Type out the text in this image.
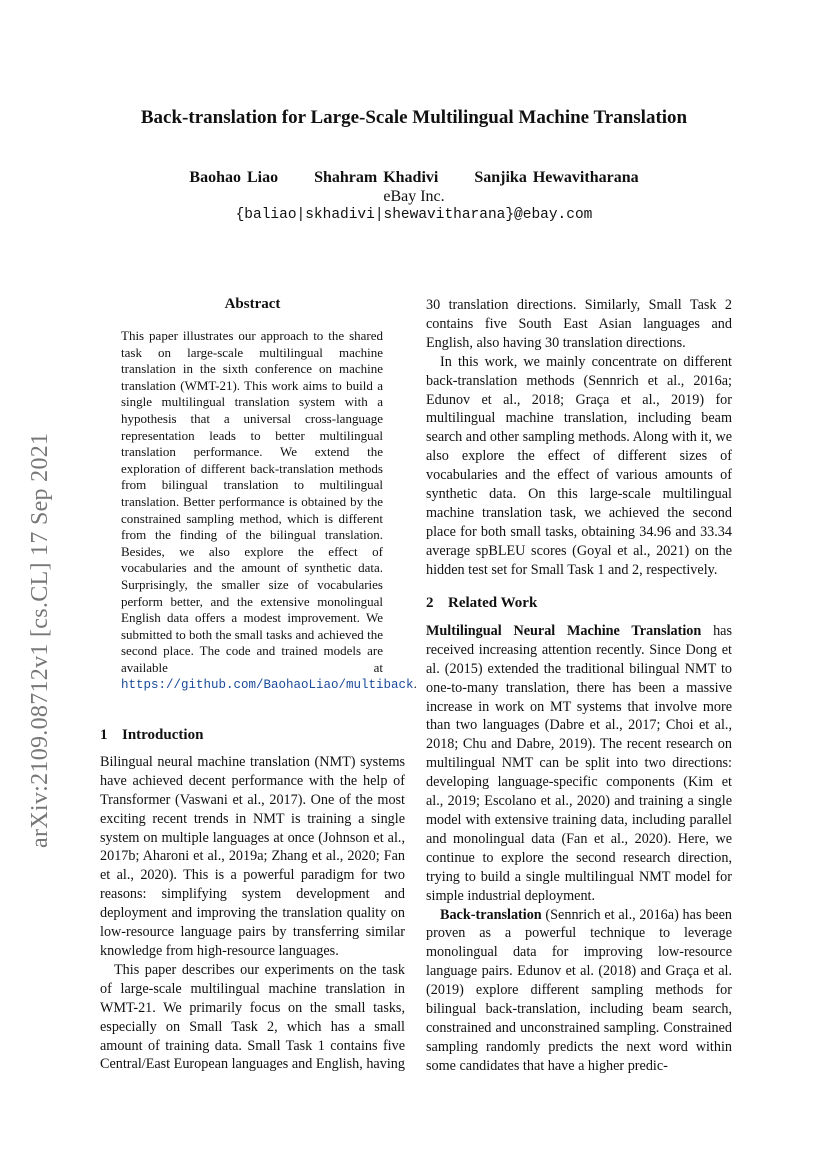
arXiv:2109.08712v1 [cs.CL] 17 Sep 2021
Back-translation for Large-Scale Multilingual Machine Translation
Baohao Liao Shahram Khadivi Sanjika Hewavitharana
eBay Inc.
{baliao|skhadivi|shewavitharana}@ebay.com
Abstract
This paper illustrates our approach to the shared task on large-scale multilingual machine translation in the sixth conference on machine translation (WMT-21). This work aims to build a single multilingual translation system with a hypothesis that a universal cross-language representation leads to better multilingual translation performance. We extend the exploration of different back-translation methods from bilingual translation to multilingual translation. Better performance is obtained by the constrained sampling method, which is different from the finding of the bilingual translation. Besides, we also explore the effect of vocabularies and the amount of synthetic data. Surprisingly, the smaller size of vocabularies perform better, and the extensive monolingual English data offers a modest improvement. We submitted to both the small tasks and achieved the second place. The code and trained models are available at https://github.com/BaohaoLiao/multiback.
1 Introduction

Bilingual neural machine translation (NMT) systems have achieved decent performance with the help of Transformer (Vaswani et al., 2017). One of the most exciting recent trends in NMT is training a single system on multiple languages at once (Johnson et al., 2017b; Aharoni et al., 2019a; Zhang et al., 2020; Fan et al., 2020). This is a powerful paradigm for two reasons: simplifying system development and deployment and improving the translation quality on low-resource language pairs by transferring similar knowledge from high-resource languages.

This paper describes our experiments on the task of large-scale multilingual machine translation in WMT-21. We primarily focus on the small tasks, especially on Small Task 2, which has a small amount of training data. Small Task 1 contains five Central/East European languages and English, having

30 translation directions. Similarly, Small Task 2 contains five South East Asian languages and English, also having 30 translation directions.

In this work, we mainly concentrate on different back-translation methods (Sennrich et al., 2016a; Edunov et al., 2018; Graça et al., 2019) for multilingual machine translation, including beam search and other sampling methods. Along with it, we also explore the effect of different sizes of vocabularies and the effect of various amounts of synthetic data. On this large-scale multilingual machine translation task, we achieved the second place for both small tasks, obtaining 34.96 and 33.34 average spBLEU scores (Goyal et al., 2021) on the hidden test set for Small Task 1 and 2, respectively.

2 Related Work

Multilingual Neural Machine Translation has received increasing attention recently. Since Dong et al. (2015) extended the traditional bilingual NMT to one-to-many translation, there has been a massive increase in work on MT systems that involve more than two languages (Dabre et al., 2017; Choi et al., 2018; Chu and Dabre, 2019). The recent research on multilingual NMT can be split into two directions: developing language-specific components (Kim et al., 2019; Escolano et al., 2020) and training a single model with extensive training data, including parallel and monolingual data (Fan et al., 2020). Here, we continue to explore the second research direction, trying to build a single multilingual NMT model for simple industrial deployment.

Back-translation (Sennrich et al., 2016a) has been proven as a powerful technique to leverage monolingual data for improving low-resource language pairs. Edunov et al. (2018) and Graça et al. (2019) explore different sampling methods for bilingual back-translation, including beam search, constrained and unconstrained sampling. Constrained sampling randomly predicts the next word within some candidates that have a higher predic-
